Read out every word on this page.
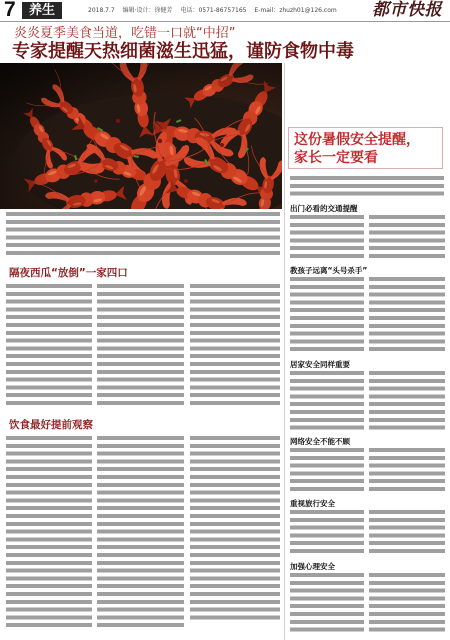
7	养生	2018.7.7 编辑·设计：徐健芳 电话：0571-86757165 E-mail：zhuzh01@126.com	都市快报
炎炎夏季美食当道，吃错一口就“中招”
专家提醒天热细菌滋生迅猛，谨防食物中毒
隔夜西瓜“放倒”一家四口
饮食最好提前观察
这份暑假安全提醒，
家长一定要看
出门必看的交通提醒
教孩子远离“头号杀手”
居家安全同样重要
网络安全不能不顾
重视旅行安全
加强心理安全
